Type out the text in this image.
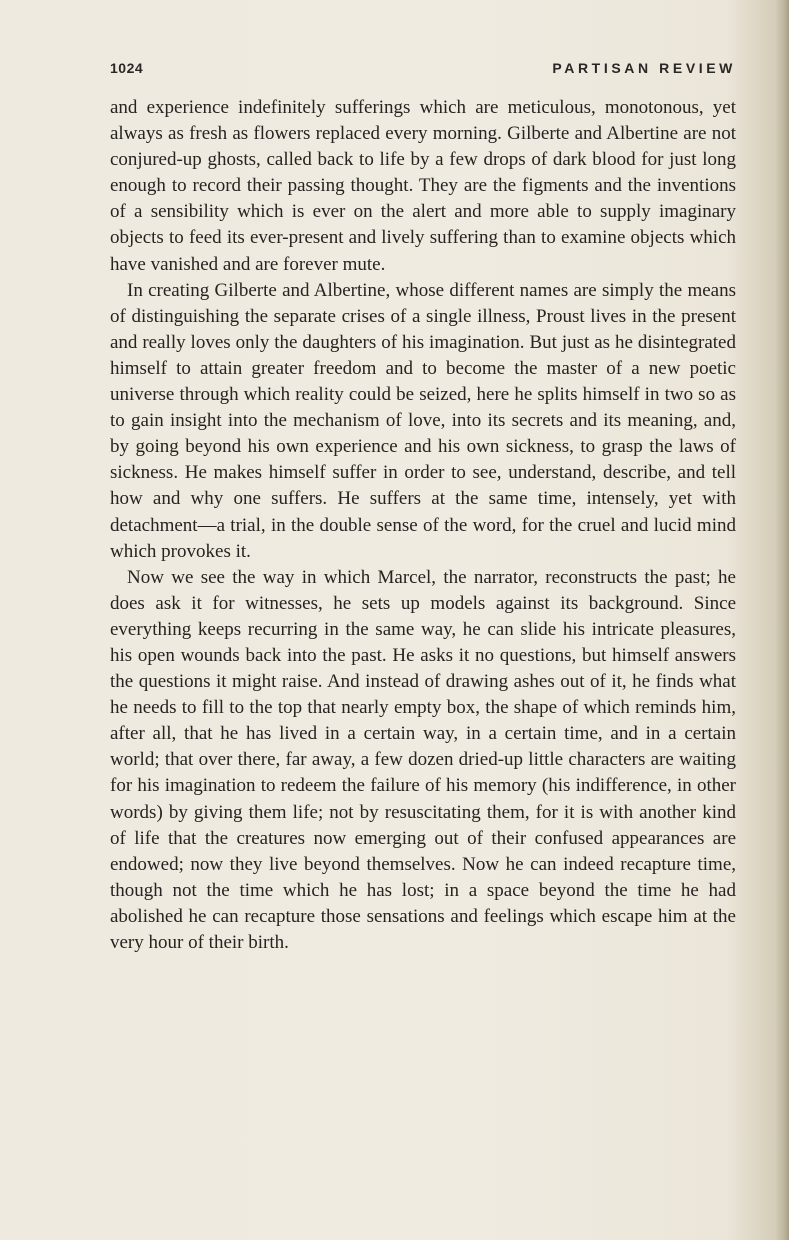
1024	PARTISAN REVIEW

and experience indefinitely sufferings which are meticulous, monotonous, yet always as fresh as flowers replaced every morning. Gilberte and Albertine are not conjured-up ghosts, called back to life by a few drops of dark blood for just long enough to record their passing thought. They are the figments and the inventions of a sensibility which is ever on the alert and more able to supply imaginary objects to feed its ever-present and lively suffering than to examine objects which have vanished and are forever mute.

In creating Gilberte and Albertine, whose different names are simply the means of distinguishing the separate crises of a single illness, Proust lives in the present and really loves only the daughters of his imagination. But just as he disintegrated himself to attain greater freedom and to become the master of a new poetic universe through which reality could be seized, here he splits himself in two so as to gain insight into the mechanism of love, into its secrets and its meaning, and, by going beyond his own experience and his own sickness, to grasp the laws of sickness. He makes himself suffer in order to see, understand, describe, and tell how and why one suffers. He suffers at the same time, intensely, yet with detachment—a trial, in the double sense of the word, for the cruel and lucid mind which provokes it.

Now we see the way in which Marcel, the narrator, reconstructs the past; he does ask it for witnesses, he sets up models against its background. Since everything keeps recurring in the same way, he can slide his intricate pleasures, his open wounds back into the past. He asks it no questions, but himself answers the questions it might raise. And instead of drawing ashes out of it, he finds what he needs to fill to the top that nearly empty box, the shape of which reminds him, after all, that he has lived in a certain way, in a certain time, and in a certain world; that over there, far away, a few dozen dried-up little characters are waiting for his imagination to redeem the failure of his memory (his indifference, in other words) by giving them life; not by resuscitating them, for it is with another kind of life that the creatures now emerging out of their confused appearances are endowed; now they live beyond themselves. Now he can indeed recapture time, though not the time which he has lost; in a space beyond the time he had abolished he can recapture those sensations and feelings which escape him at the very hour of their birth.
